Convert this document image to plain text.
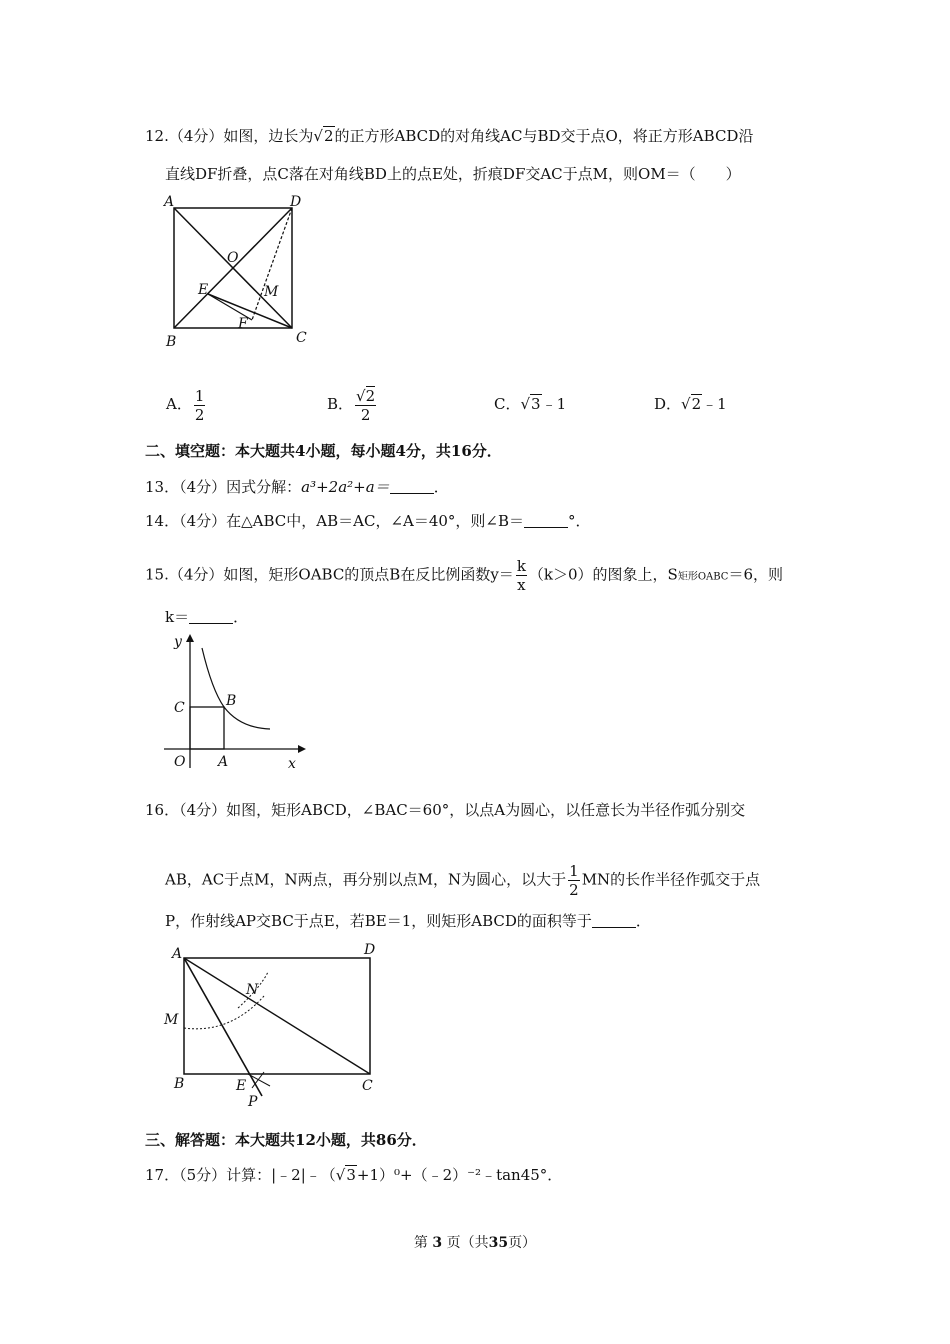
12.（4分）如图，边长为√2的正方形ABCD的对角线AC与BD交于点O，将正方形ABCD沿
直线DF折叠，点C落在对角线BD上的点E处，折痕DF交AC于点M，则OM＝（　　）
A	D
O
E	M
F
B	C
A． $\frac{1}{2}$	B． $\frac{√2}{2}$	C．√3﹣1	D．√2﹣1
二、填空题：本大题共4小题，每小题4分，共16分．
13．（4分）因式分解：a³+2a²+a＝	．
14．（4分）在△ABC中，AB＝AC，∠A＝40°，则∠B＝	°．
15.（4分）如图，矩形OABC的顶点B在反比例函数$y= \frac{k}{x} (k>0)$的图象上，S矩形OABC＝6，则
k＝	．
y
C	B
O A	x
16．（4分）如图，矩形ABCD，∠BAC＝60°，以点A为圆心，以任意长为半径作弧分别交
AB，AC于点M，N两点，再分别以点M，N为圆心，以大于 $\frac{1}{2}$ MN的长作半径作弧交于点
P，作射线AP交BC于点E，若BE＝1，则矩形ABCD的面积等于	．
A	D
N
M
B	E
P
C
三、解答题：本大题共12小题，共86分．
17．（5分）计算：|﹣2|﹣（√3+1）⁰+（﹣2）⁻²﹣tan45°．
第 3 页（共35页）
